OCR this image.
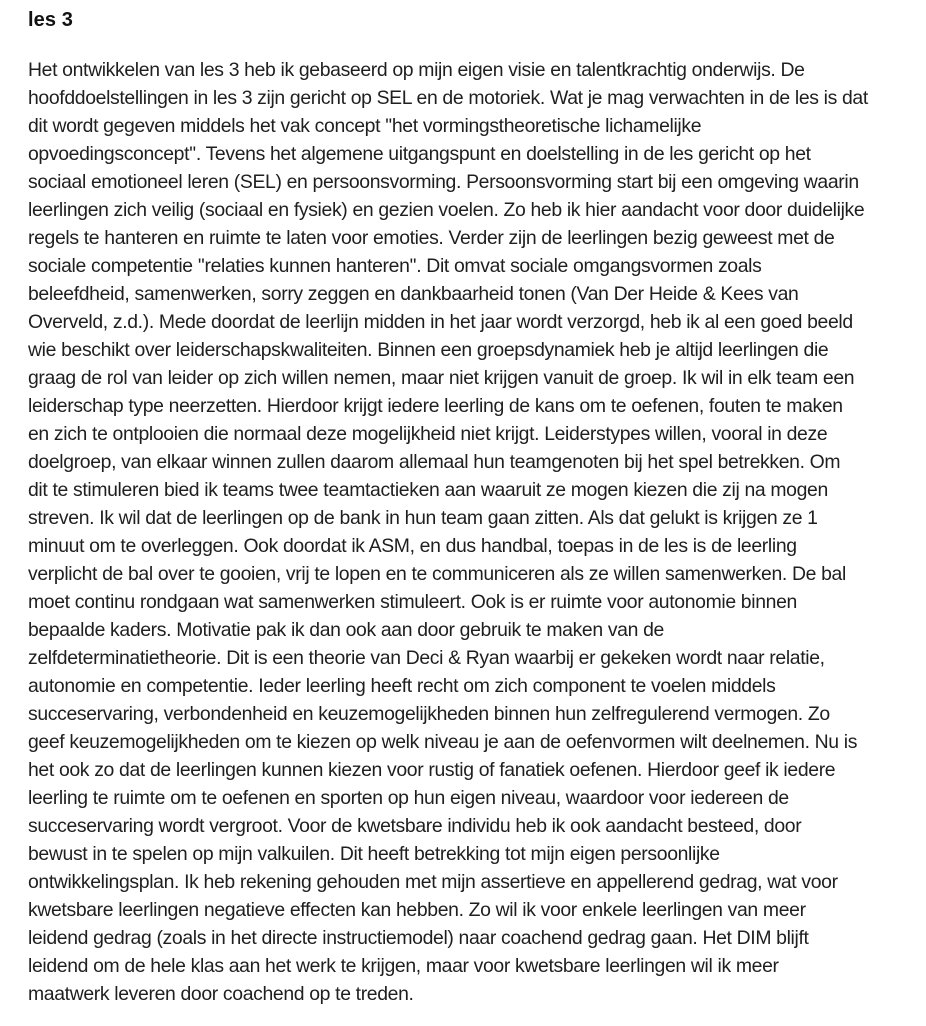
les 3
Het ontwikkelen van les 3 heb ik gebaseerd op mijn eigen visie en talentkrachtig onderwijs. De
hoofddoelstellingen in les 3 zijn gericht op SEL en de motoriek. Wat je mag verwachten in de les is dat
dit wordt gegeven middels het vak concept ''het vormingstheoretische lichamelijke
opvoedingsconcept''. Tevens het algemene uitgangspunt en doelstelling in de les gericht op het
sociaal emotioneel leren (SEL) en persoonsvorming. Persoonsvorming start bij een omgeving waarin
leerlingen zich veilig (sociaal en fysiek) en gezien voelen. Zo heb ik hier aandacht voor door duidelijke
regels te hanteren en ruimte te laten voor emoties. Verder zijn de leerlingen bezig geweest met de
sociale competentie ''relaties kunnen hanteren''. Dit omvat sociale omgangsvormen zoals
beleefdheid, samenwerken, sorry zeggen en dankbaarheid tonen (Van Der Heide & Kees van
Overveld, z.d.). Mede doordat de leerlijn midden in het jaar wordt verzorgd, heb ik al een goed beeld
wie beschikt over leiderschapskwaliteiten. Binnen een groepsdynamiek heb je altijd leerlingen die
graag de rol van leider op zich willen nemen, maar niet krijgen vanuit de groep. Ik wil in elk team een
leiderschap type neerzetten. Hierdoor krijgt iedere leerling de kans om te oefenen, fouten te maken
en zich te ontplooien die normaal deze mogelijkheid niet krijgt. Leiderstypes willen, vooral in deze
doelgroep, van elkaar winnen zullen daarom allemaal hun teamgenoten bij het spel betrekken. Om
dit te stimuleren bied ik teams twee teamtactieken aan waaruit ze mogen kiezen die zij na mogen
streven. Ik wil dat de leerlingen op de bank in hun team gaan zitten. Als dat gelukt is krijgen ze 1
minuut om te overleggen. Ook doordat ik ASM, en dus handbal, toepas in de les is de leerling
verplicht de bal over te gooien, vrij te lopen en te communiceren als ze willen samenwerken. De bal
moet continu rondgaan wat samenwerken stimuleert. Ook is er ruimte voor autonomie binnen
bepaalde kaders. Motivatie pak ik dan ook aan door gebruik te maken van de
zelfdeterminatietheorie. Dit is een theorie van Deci & Ryan waarbij er gekeken wordt naar relatie,
autonomie en competentie. Ieder leerling heeft recht om zich component te voelen middels
succeservaring, verbondenheid en keuzemogelijkheden binnen hun zelfregulerend vermogen. Zo
geef keuzemogelijkheden om te kiezen op welk niveau je aan de oefenvormen wilt deelnemen. Nu is
het ook zo dat de leerlingen kunnen kiezen voor rustig of fanatiek oefenen. Hierdoor geef ik iedere
leerling te ruimte om te oefenen en sporten op hun eigen niveau, waardoor voor iedereen de
succeservaring wordt vergroot. Voor de kwetsbare individu heb ik ook aandacht besteed, door
bewust in te spelen op mijn valkuilen. Dit heeft betrekking tot mijn eigen persoonlijke
ontwikkelingsplan. Ik heb rekening gehouden met mijn assertieve en appellerend gedrag, wat voor
kwetsbare leerlingen negatieve effecten kan hebben. Zo wil ik voor enkele leerlingen van meer
leidend gedrag (zoals in het directe instructiemodel) naar coachend gedrag gaan. Het DIM blijft
leidend om de hele klas aan het werk te krijgen, maar voor kwetsbare leerlingen wil ik meer
maatwerk leveren door coachend op te treden.
